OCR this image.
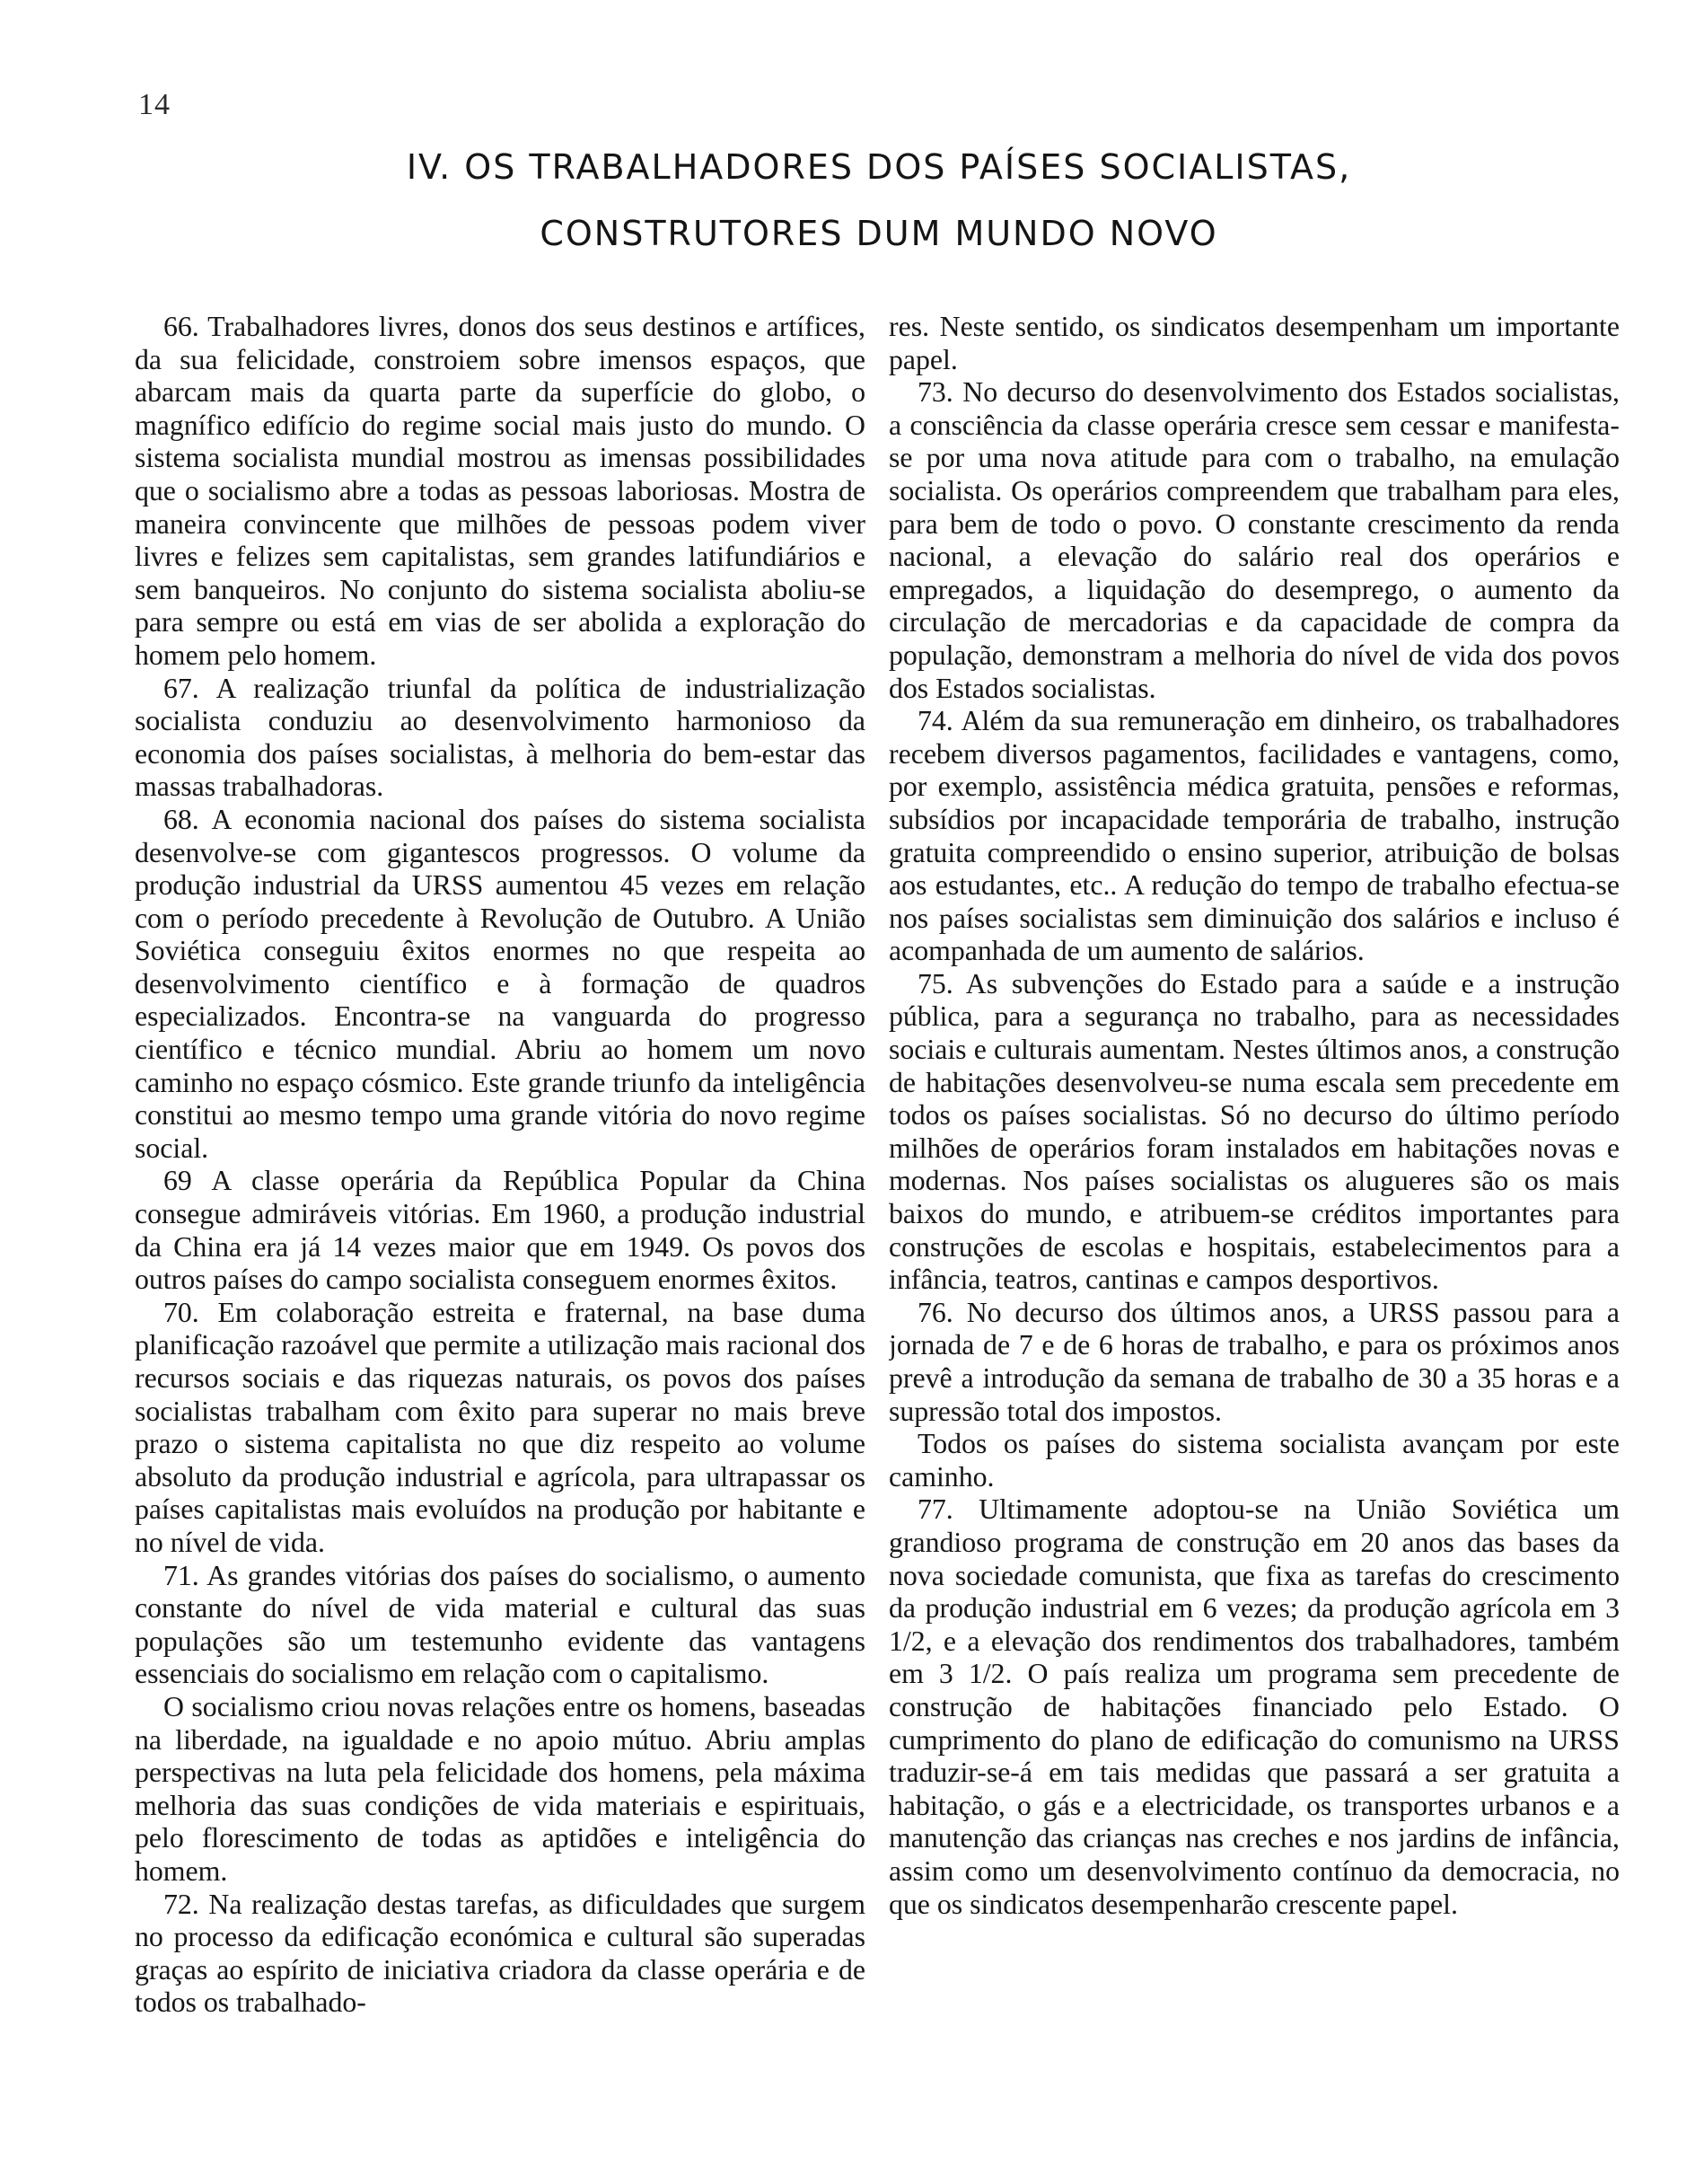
14
IV. OS TRABALHADORES DOS PAÍSES SOCIALISTAS,
CONSTRUTORES DUM MUNDO NOVO

66. Trabalhadores livres, donos dos seus destinos e artífices, da sua felicidade, constroiem sobre imensos espaços, que abarcam mais da quarta parte da superfície do globo, o magnífico edifício do regime social mais justo do mundo. O sistema socialista mundial mostrou as imensas possibilidades que o socialismo abre a todas as pessoas laboriosas. Mostra de maneira convincente que milhões de pessoas podem viver livres e felizes sem capitalistas, sem grandes latifundiários e sem banqueiros. No conjunto do sistema socialista aboliu-se para sempre ou está em vias de ser abolida a exploração do homem pelo homem.

67. A realização triunfal da política de industrialização socialista conduziu ao desenvolvimento harmonioso da economia dos países socialistas, à melhoria do bem-estar das massas trabalhadoras.

68. A economia nacional dos países do sistema socialista desenvolve-se com gigantescos progressos. O volume da produção industrial da URSS aumentou 45 vezes em relação com o período precedente à Revolução de Outubro. A União Soviética conseguiu êxitos enormes no que respeita ao desenvolvimento científico e à formação de quadros especializados. Encontra-se na vanguarda do progresso científico e técnico mundial. Abriu ao homem um novo caminho no espaço cósmico. Este grande triunfo da inteligência constitui ao mesmo tempo uma grande vitória do novo regime social.

69 A classe operária da República Popular da China consegue admiráveis vitórias. Em 1960, a produção industrial da China era já 14 vezes maior que em 1949. Os povos dos outros países do campo socialista conseguem enormes êxitos.

70. Em colaboração estreita e fraternal, na base duma planificação razoável que permite a utilização mais racional dos recursos sociais e das riquezas naturais, os povos dos países socialistas trabalham com êxito para superar no mais breve prazo o sistema capitalista no que diz respeito ao volume absoluto da produção industrial e agrícola, para ultrapassar os países capitalistas mais evoluídos na produção por habitante e no nível de vida.

71. As grandes vitórias dos países do socialismo, o aumento constante do nível de vida material e cultural das suas populações são um testemunho evidente das vantagens essenciais do socialismo em relação com o capitalismo.

O socialismo criou novas relações entre os homens, baseadas na liberdade, na igualdade e no apoio mútuo. Abriu amplas perspectivas na luta pela felicidade dos homens, pela máxima melhoria das suas condições de vida materiais e espirituais, pelo florescimento de todas as aptidões e inteligência do homem.

72. Na realização destas tarefas, as dificuldades que surgem no processo da edificação económica e cultural são superadas graças ao espírito de iniciativa criadora da classe operária e de todos os trabalhado-

res. Neste sentido, os sindicatos desempenham um importante papel.

73. No decurso do desenvolvimento dos Estados socialistas, a consciência da classe operária cresce sem cessar e manifesta-se por uma nova atitude para com o trabalho, na emulação socialista. Os operários compreendem que trabalham para eles, para bem de todo o povo. O constante crescimento da renda nacional, a elevação do salário real dos operários e empregados, a liquidação do desemprego, o aumento da circulação de mercadorias e da capacidade de compra da população, demonstram a melhoria do nível de vida dos povos dos Estados socialistas.

74. Além da sua remuneração em dinheiro, os trabalhadores recebem diversos pagamentos, facilidades e vantagens, como, por exemplo, assistência médica gratuita, pensões e reformas, subsídios por incapacidade temporária de trabalho, instrução gratuita compreendido o ensino superior, atribuição de bolsas aos estudantes, etc.. A redução do tempo de trabalho efectua-se nos países socialistas sem diminuição dos salários e incluso é acompanhada de um aumento de salários.

75. As subvenções do Estado para a saúde e a instrução pública, para a segurança no trabalho, para as necessidades sociais e culturais aumentam. Nestes últimos anos, a construção de habitações desenvolveu-se numa escala sem precedente em todos os países socialistas. Só no decurso do último período milhões de operários foram instalados em habitações novas e modernas. Nos países socialistas os alugueres são os mais baixos do mundo, e atribuem-se créditos importantes para construções de escolas e hospitais, estabelecimentos para a infância, teatros, cantinas e campos desportivos.

76. No decurso dos últimos anos, a URSS passou para a jornada de 7 e de 6 horas de trabalho, e para os próximos anos prevê a introdução da semana de trabalho de 30 a 35 horas e a supressão total dos impostos.

Todos os países do sistema socialista avançam por este caminho.

77. Ultimamente adoptou-se na União Soviética um grandioso programa de construção em 20 anos das bases da nova sociedade comunista, que fixa as tarefas do crescimento da produção industrial em 6 vezes; da produção agrícola em 3 1/2, e a elevação dos rendimentos dos trabalhadores, também em 3 1/2. O país realiza um programa sem precedente de construção de habitações financiado pelo Estado. O cumprimento do plano de edificação do comunismo na URSS traduzir-se-á em tais medidas que passará a ser gratuita a habitação, o gás e a electricidade, os transportes urbanos e a manutenção das crianças nas creches e nos jardins de infância, assim como um desenvolvimento contínuo da democracia, no que os sindicatos desempenharão crescente papel.
